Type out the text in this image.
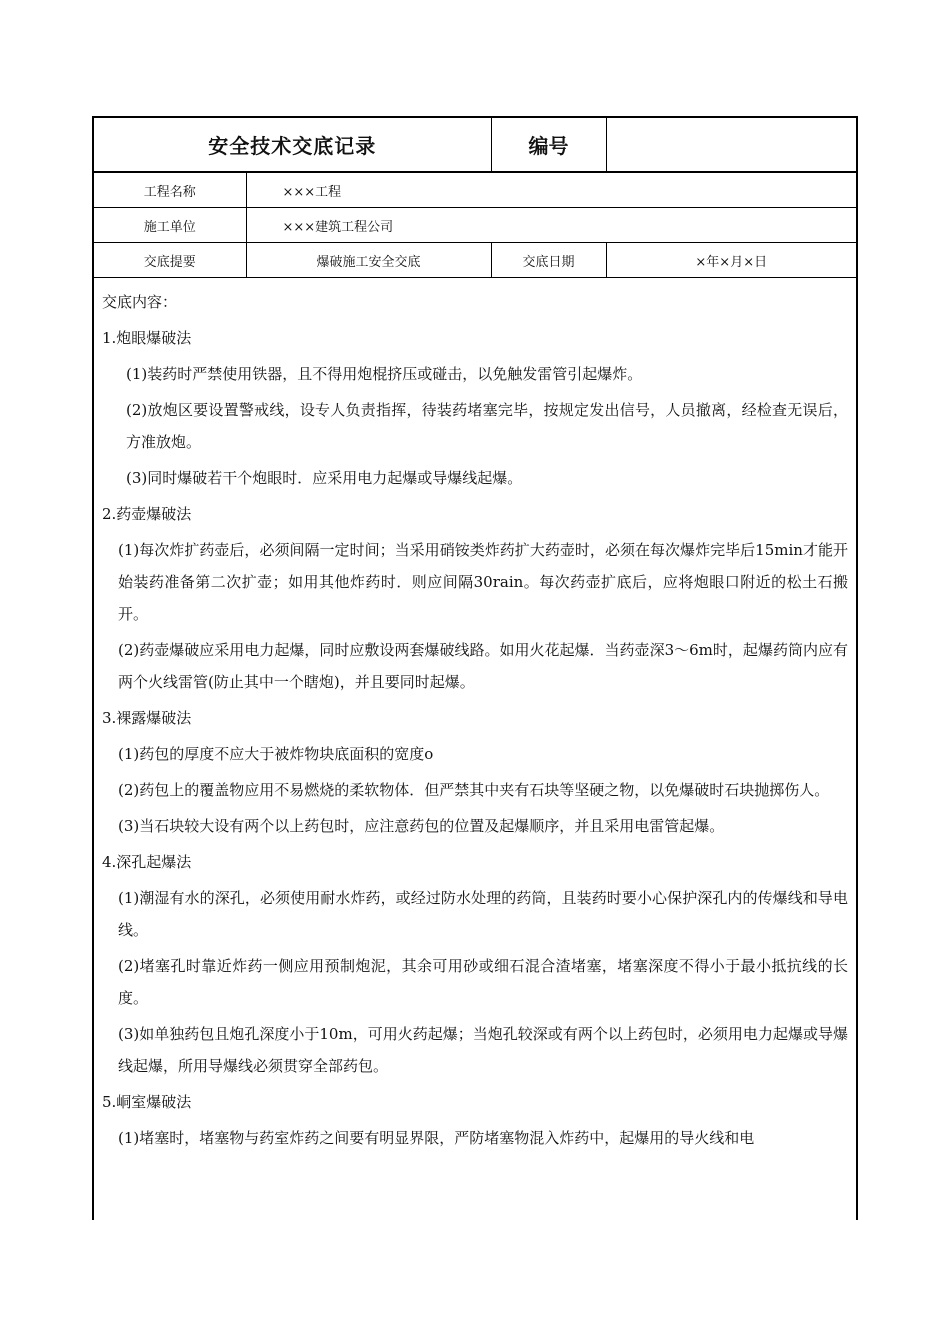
安全技术交底记录		编号	
工程名称	×××工程		
施工单位	×××建筑工程公司		
交底提要	爆破施工安全交底	交底日期	×年×月×日

交底内容：

1.炮眼爆破法

(1)装药时严禁使用铁器，且不得用炮棍挤压或碰击，以免触发雷管引起爆炸。

(2)放炮区要设置警戒线，设专人负责指挥，待装药堵塞完毕，按规定发出信号，人员撤离，经检查无误后，方准放炮。

(3)同时爆破若干个炮眼时．应采用电力起爆或导爆线起爆。

2.药壶爆破法

(1)每次炸扩药壶后，必须间隔一定时间；当采用硝铵类炸药扩大药壶时，必须在每次爆炸完毕后15min才能开始装药准备第二次扩壶；如用其他炸药时．则应间隔30rain。每次药壶扩底后，应将炮眼口附近的松土石搬开。

(2)药壶爆破应采用电力起爆，同时应敷设两套爆破线路。如用火花起爆．当药壶深3～6m时，起爆药筒内应有两个火线雷管(防止其中一个瞎炮)，并且要同时起爆。

3.裸露爆破法

(1)药包的厚度不应大于被炸物块底面积的宽度o

(2)药包上的覆盖物应用不易燃烧的柔软物体．但严禁其中夹有石块等坚硬之物，以免爆破时石块抛掷伤人。

(3)当石块较大设有两个以上药包时，应注意药包的位置及起爆顺序，并且采用电雷管起爆。

4.深孔起爆法

(1)潮湿有水的深孔，必须使用耐水炸药，或经过防水处理的药筒，且装药时要小心保护深孔内的传爆线和导电线。

(2)堵塞孔时靠近炸药一侧应用预制炮泥，其余可用砂或细石混合渣堵塞，堵塞深度不得小于最小抵抗线的长度。

(3)如单独药包且炮孔深度小于10m，可用火药起爆；当炮孔较深或有两个以上药包时，必须用电力起爆或导爆线起爆，所用导爆线必须贯穿全部药包。

5.峒室爆破法

(1)堵塞时，堵塞物与药室炸药之间要有明显界限，严防堵塞物混入炸药中，起爆用的导火线和电
